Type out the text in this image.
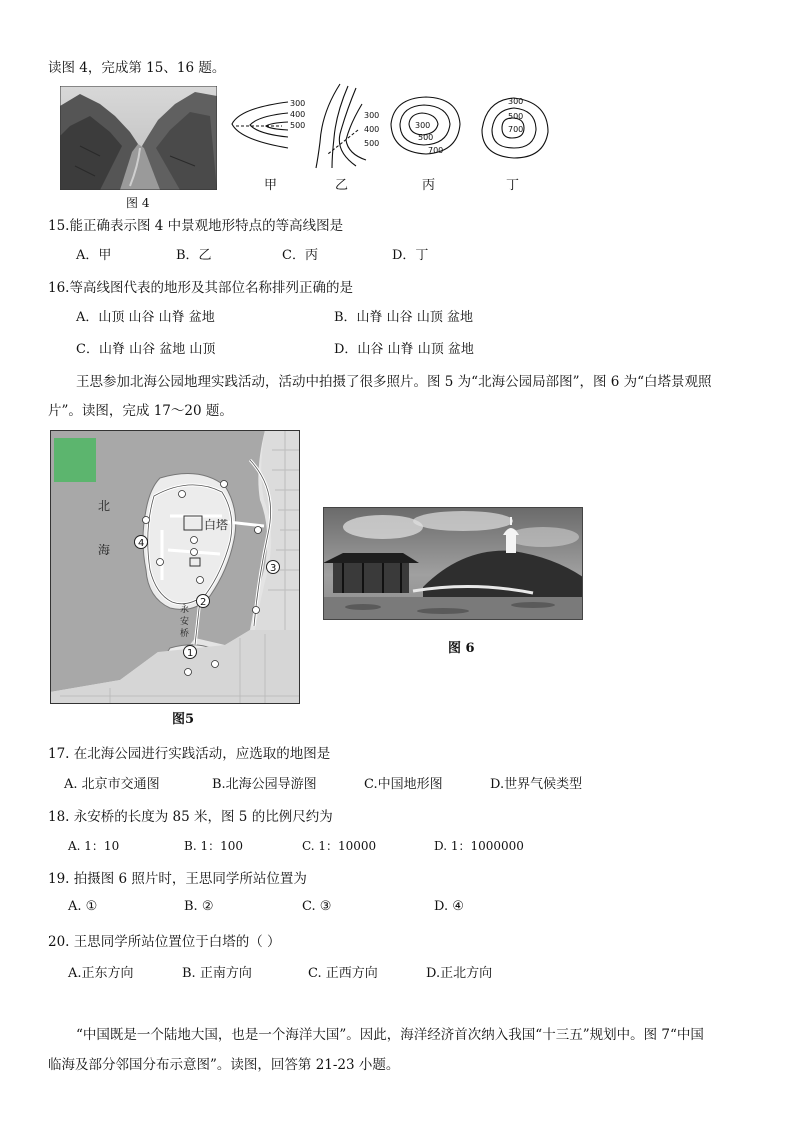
读图 4，完成第 15、16 题。
图 4
300
400
500
甲
300
400
500
乙
300
500
700
丙
300
500
700
丁
15.能正确表示图 4 中景观地形特点的等高线图是
A．甲	B．乙	C．丙	D．丁
16.等高线图代表的地形及其部位名称排列正确的是
A．山顶 山谷 山脊 盆地	B．山脊 山谷 山顶 盆地
C．山脊 山谷 盆地 山顶	D．山谷 山脊 山顶 盆地
王思参加北海公园地理实践活动，活动中拍摄了很多照片。图 5 为“北海公园局部图”，图 6 为“白塔景观照
片”。读图，完成 17～20 题。
北
海
白塔
永
安
桥
1
2
3
4
图5
图 6
17. 在北海公园进行实践活动，应选取的地图是
A. 北京市交通图	B.北海公园导游图	C.中国地形图	D.世界气候类型
18. 永安桥的长度为 85 米，图 5 的比例尺约为
A. 1：10	B. 1：100	C. 1：10000	D. 1：1000000
19. 拍摄图 6 照片时，王思同学所站位置为
A. ①	B. ②	C. ③	D. ④
20. 王思同学所站位置位于白塔的（ ）
A.正东方向	B. 正南方向	C. 正西方向	D.正北方向
“中国既是一个陆地大国，也是一个海洋大国”。因此，海洋经济首次纳入我国“十三五”规划中。图 7“中国
临海及部分邻国分布示意图”。读图，回答第 21-23 小题。
